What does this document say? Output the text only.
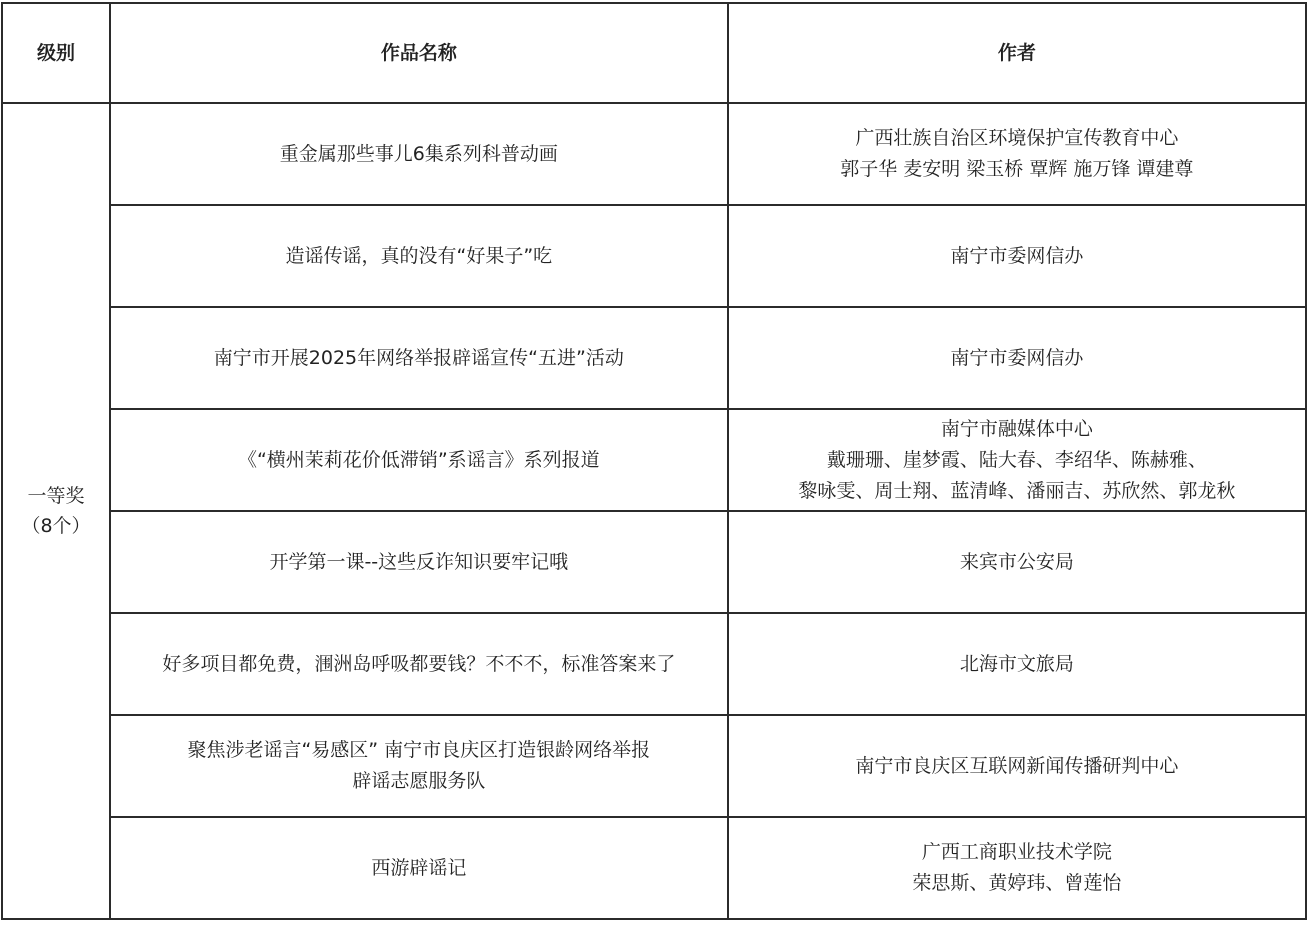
级别	作品名称	作者

一等奖
（8个）	重金属那些事儿6集系列科普动画	广西壮族自治区环境保护宣传教育中心
郭子华 麦安明 梁玉桥 覃辉 施万锋 谭建尊

	造谣传谣，真的没有“好果子”吃	南宁市委网信办

	南宁市开展2025年网络举报辟谣宣传“五进”活动	南宁市委网信办

	《“横州茉莉花价低滞销”系谣言》系列报道	南宁市融媒体中心
戴珊珊、崖梦霞、陆大春、李绍华、陈赫雅、
黎咏雯、周士翔、蓝清峰、潘丽吉、苏欣然、郭龙秋

	开学第一课--这些反诈知识要牢记哦	来宾市公安局

	好多项目都免费，涠洲岛呼吸都要钱？不不不，标准答案来了	北海市文旅局

	聚焦涉老谣言“易感区” 南宁市良庆区打造银龄网络举报
辟谣志愿服务队	南宁市良庆区互联网新闻传播研判中心

	西游辟谣记	广西工商职业技术学院
荣思斯、黄婷玮、曾莲怡
